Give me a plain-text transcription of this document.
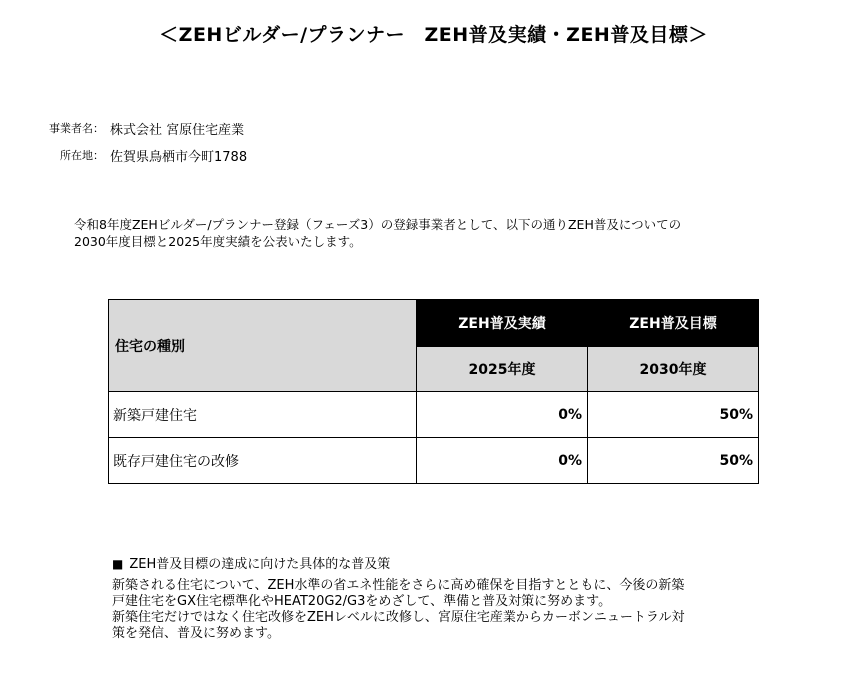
＜ZEHビルダー/プランナー　ZEH普及実績・ZEH普及目標＞
事業者名： 株式会社 宮原住宅産業
所在地： 佐賀県鳥栖市今町1788
令和8年度ZEHビルダー/プランナー登録（フェーズ3）の登録事業者として、以下の通りZEH普及についての
2030年度目標と2025年度実績を公表いたします。
住宅の種別	ZEH普及実績	ZEH普及目標
	2025年度	2030年度
新築戸建住宅	0%	50%
既存戸建住宅の改修	0%	50%
■ ZEH普及目標の達成に向けた具体的な普及策
新築される住宅について、ZEH水準の省エネ性能をさらに高め確保を目指すとともに、今後の新築
戸建住宅をGX住宅標準化やHEAT20G2/G3をめざして、準備と普及対策に努めます。
新築住宅だけではなく住宅改修をZEHレベルに改修し、宮原住宅産業からカーボンニュートラル対
策を発信、普及に努めます。
